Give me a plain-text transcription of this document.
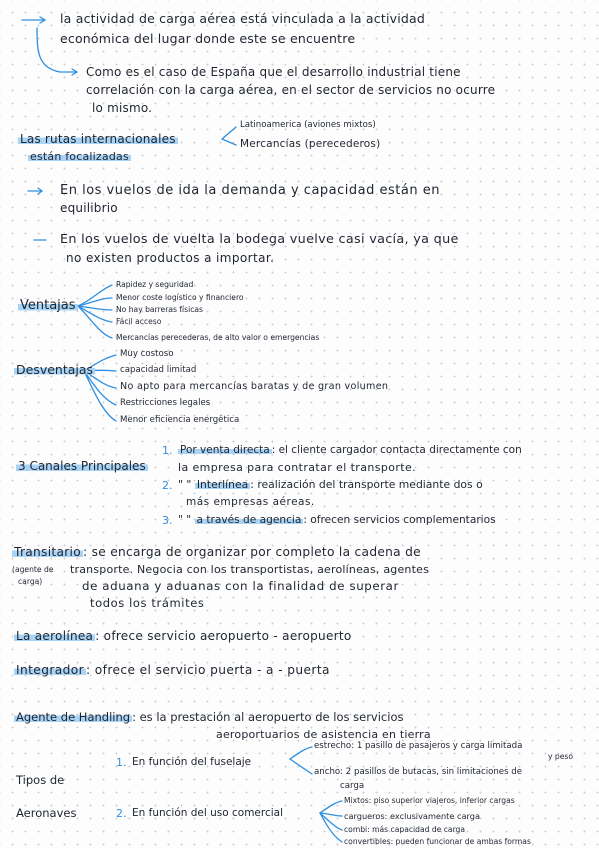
la actividad de carga aérea está vinculada a la actividad
económica del lugar donde este se encuentre
Como es el caso de España que el desarrollo industrial tiene
correlación con la carga aérea, en el sector de servicios no ocurre
lo mismo.
Las rutas internacionales
están focalizadas
Latinoamerica (aviones mixtos)
Mercancías (perecederos)
En los vuelos de ida la demanda y capacidad están en
equilibrio
En los vuelos de vuelta la bodega vuelve casi vacía, ya que
no existen productos a importar.
Ventajas
Rapidez y seguridad
Menor coste logístico y financiero
No hay barreras físicas
Fácil acceso
Mercancías perecederas, de alto valor o emergencias
Desventajas
Muy costoso
capacidad limitad
No apto para mercancías baratas y de gran volumen
Restricciones legales
Menor eficiencia energética
3 Canales Principales
1. Por venta directa : el cliente cargador contacta directamente con
la empresa para contratar el transporte.
2. " " Interlínea : realización del transporte mediante dos o
más empresas aéreas.
3. " " a través de agencia : ofrecen servicios complementarios
Transitario : se encarga de organizar por completo la cadena de
(agente de
carga)
transporte. Negocia con los transportistas, aerolíneas, agentes
de aduana y aduanas con la finalidad de superar
todos los trámites
La aerolínea : ofrece servicio aeropuerto - aeropuerto
Integrador : ofrece el servicio puerta - a - puerta
Agente de Handling : es la prestación al aeropuerto de los servicios
aeroportuarios de asistencia en tierra
Tipos de
Aeronaves
1. En función del fuselaje
estrecho: 1 pasillo de pasajeros y carga limitada
y peso
ancho: 2 pasillos de butacas, sin limitaciones de
carga
2. En función del uso comercial
Mixtos: piso superior viajeros, inferior cargas
cargueros: exclusivamente carga
combi: más capacidad de carga
convertibles: pueden funcionar de ambas formas
